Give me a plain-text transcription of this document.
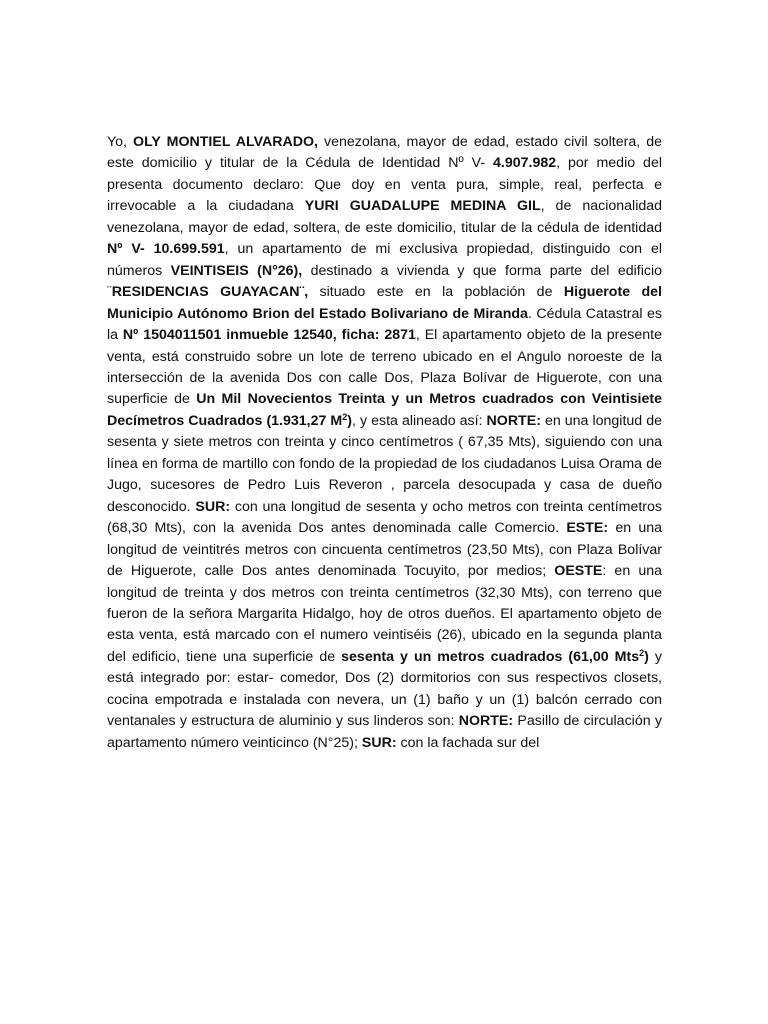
Yo, OLY MONTIEL ALVARADO, venezolana, mayor de edad, estado civil soltera, de este domicilio y titular de la Cédula de Identidad Nº V- 4.907.982, por medio del presenta documento declaro: Que doy en venta pura, simple, real, perfecta e irrevocable a la ciudadana YURI GUADALUPE MEDINA GIL, de nacionalidad venezolana, mayor de edad, soltera, de este domicilio, titular de la cédula de identidad Nº V- 10.699.591, un apartamento de mi exclusiva propiedad, distinguido con el números VEINTISEIS (N°26), destinado a vivienda y que forma parte del edificio ¨RESIDENCIAS GUAYACAN¨, situado este en la población de Higuerote del Municipio Autónomo Brion del Estado Bolivariano de Miranda. Cédula Catastral es la Nº 1504011501 inmueble 12540, ficha: 2871, El apartamento objeto de la presente venta, está construido sobre un lote de terreno ubicado en el Angulo noroeste de la intersección de la avenida Dos con calle Dos, Plaza Bolívar de Higuerote, con una superficie de Un Mil Novecientos Treinta y un Metros cuadrados con Veintisiete Decímetros Cuadrados (1.931,27 $M^2$), y esta alineado así: NORTE: en una longitud de sesenta y siete metros con treinta y cinco centímetros ( 67,35 Mts), siguiendo con una línea en forma de martillo con fondo de la propiedad de los ciudadanos Luisa Orama de Jugo, sucesores de Pedro Luis Reveron , parcela desocupada y casa de dueño desconocido. SUR: con una longitud de sesenta y ocho metros con treinta centímetros (68,30 Mts), con la avenida Dos antes denominada calle Comercio. ESTE: en una longitud de veintitrés metros con cincuenta centímetros (23,50 Mts), con Plaza Bolívar de Higuerote, calle Dos antes denominada Tocuyito, por medios; OESTE: en una longitud de treinta y dos metros con treinta centímetros (32,30 Mts), con terreno que fueron de la señora Margarita Hidalgo, hoy de otros dueños. El apartamento objeto de esta venta, está marcado con el numero veintiséis (26), ubicado en la segunda planta del edificio, tiene una superficie de sesenta y un metros cuadrados (61,00 Mts$^2$) y está integrado por: estar- comedor, Dos (2) dormitorios con sus respectivos closets, cocina empotrada e instalada con nevera, un (1) baño y un (1) balcón cerrado con ventanales y estructura de aluminio y sus linderos son: NORTE: Pasillo de circulación y apartamento número veinticinco (N°25); SUR: con la fachada sur del
